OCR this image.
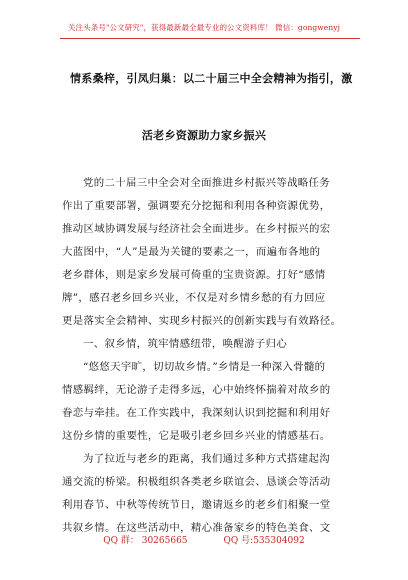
关注头条号"公文研究"，获得最新最全最专业的公文资料库！ 微信：gongwenyj
情系桑梓，引凤归巢：以二十届三中全会精神为指引，激
活老乡资源助力家乡振兴
党的二十届三中全会对全面推进乡村振兴等战略任务
作出了重要部署，强调要充分挖掘和利用各种资源优势，
推动区域协调发展与经济社会全面进步。在乡村振兴的宏
大蓝图中，“人”是最为关键的要素之一，而遍布各地的
老乡群体，则是家乡发展可倚重的宝贵资源。打好“感情
牌”，感召老乡回乡兴业，不仅是对乡情乡愁的有力回应
更是落实全会精神、实现乡村振兴的创新实践与有效路径。
一、叙乡情，筑牢情感纽带，唤醒游子归心
“悠悠天宇旷，切切故乡情。”乡情是一种深入骨髓的
情感羁绊，无论游子走得多远，心中始终怀揣着对故乡的
眷恋与牵挂。在工作实践中，我深刻认识到挖掘和利用好
这份乡情的重要性，它是吸引老乡回乡兴业的情感基石。
为了拉近与老乡的距离，我们通过多种方式搭建起沟
通交流的桥梁。积极组织各类老乡联谊会、恳谈会等活动
利用春节、中秋等传统节日，邀请返乡的老乡们相聚一堂
共叙乡情。在这些活动中，精心准备家乡的特色美食、文
QQ 群： 30265665	QQ 号:535304092
